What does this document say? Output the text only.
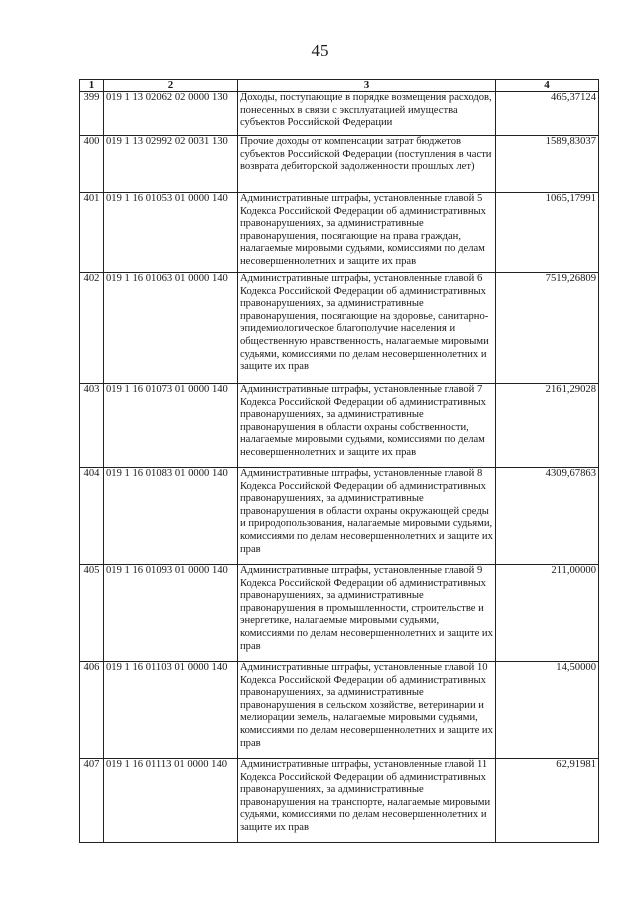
45
1	2	3	4
399	019 1 13 02062 02 0000 130	Доходы, поступающие в порядке возмещения расходов, понесенных в связи с эксплуатацией имущества субъектов Российской Федерации	465,37124
400	019 1 13 02992 02 0031 130	Прочие доходы от компенсации затрат бюджетов субъектов Российской Федерации (поступления в части возврата дебиторской задолженности прошлых лет)	1589,83037
401	019 1 16 01053 01 0000 140	Административные штрафы, установленные главой 5 Кодекса Российской Федерации об административных правонарушениях, за административные правонарушения, посягающие на права граждан, налагаемые мировыми судьями, комиссиями по делам несовершеннолетних и защите их прав	1065,17991
402	019 1 16 01063 01 0000 140	Административные штрафы, установленные главой 6 Кодекса Российской Федерации об административных правонарушениях, за административные правонарушения, посягающие на здоровье, санитарно-эпидемиологическое благополучие населения и общественную нравственность, налагаемые мировыми судьями, комиссиями по делам несовершеннолетних и защите их прав	7519,26809
403	019 1 16 01073 01 0000 140	Административные штрафы, установленные главой 7 Кодекса Российской Федерации об административных правонарушениях, за административные правонарушения в области охраны собственности, налагаемые мировыми судьями, комиссиями по делам несовершеннолетних и защите их прав	2161,29028
404	019 1 16 01083 01 0000 140	Административные штрафы, установленные главой 8 Кодекса Российской Федерации об административных правонарушениях, за административные правонарушения в области охраны окружающей среды и природопользования, налагаемые мировыми судьями, комиссиями по делам несовершеннолетних и защите их прав	4309,67863
405	019 1 16 01093 01 0000 140	Административные штрафы, установленные главой 9 Кодекса Российской Федерации об административных правонарушениях, за административные правонарушения в промышленности, строительстве и энергетике, налагаемые мировыми судьями, комиссиями по делам несовершеннолетних и защите их прав	211,00000
406	019 1 16 01103 01 0000 140	Административные штрафы, установленные главой 10 Кодекса Российской Федерации об административных правонарушениях, за административные правонарушения в сельском хозяйстве, ветеринарии и мелиорации земель, налагаемые мировыми судьями, комиссиями по делам несовершеннолетних и защите их прав	14,50000
407	019 1 16 01113 01 0000 140	Административные штрафы, установленные главой 11 Кодекса Российской Федерации об административных правонарушениях, за административные правонарушения на транспорте, налагаемые мировыми судьями, комиссиями по делам несовершеннолетних и защите их прав	62,91981
